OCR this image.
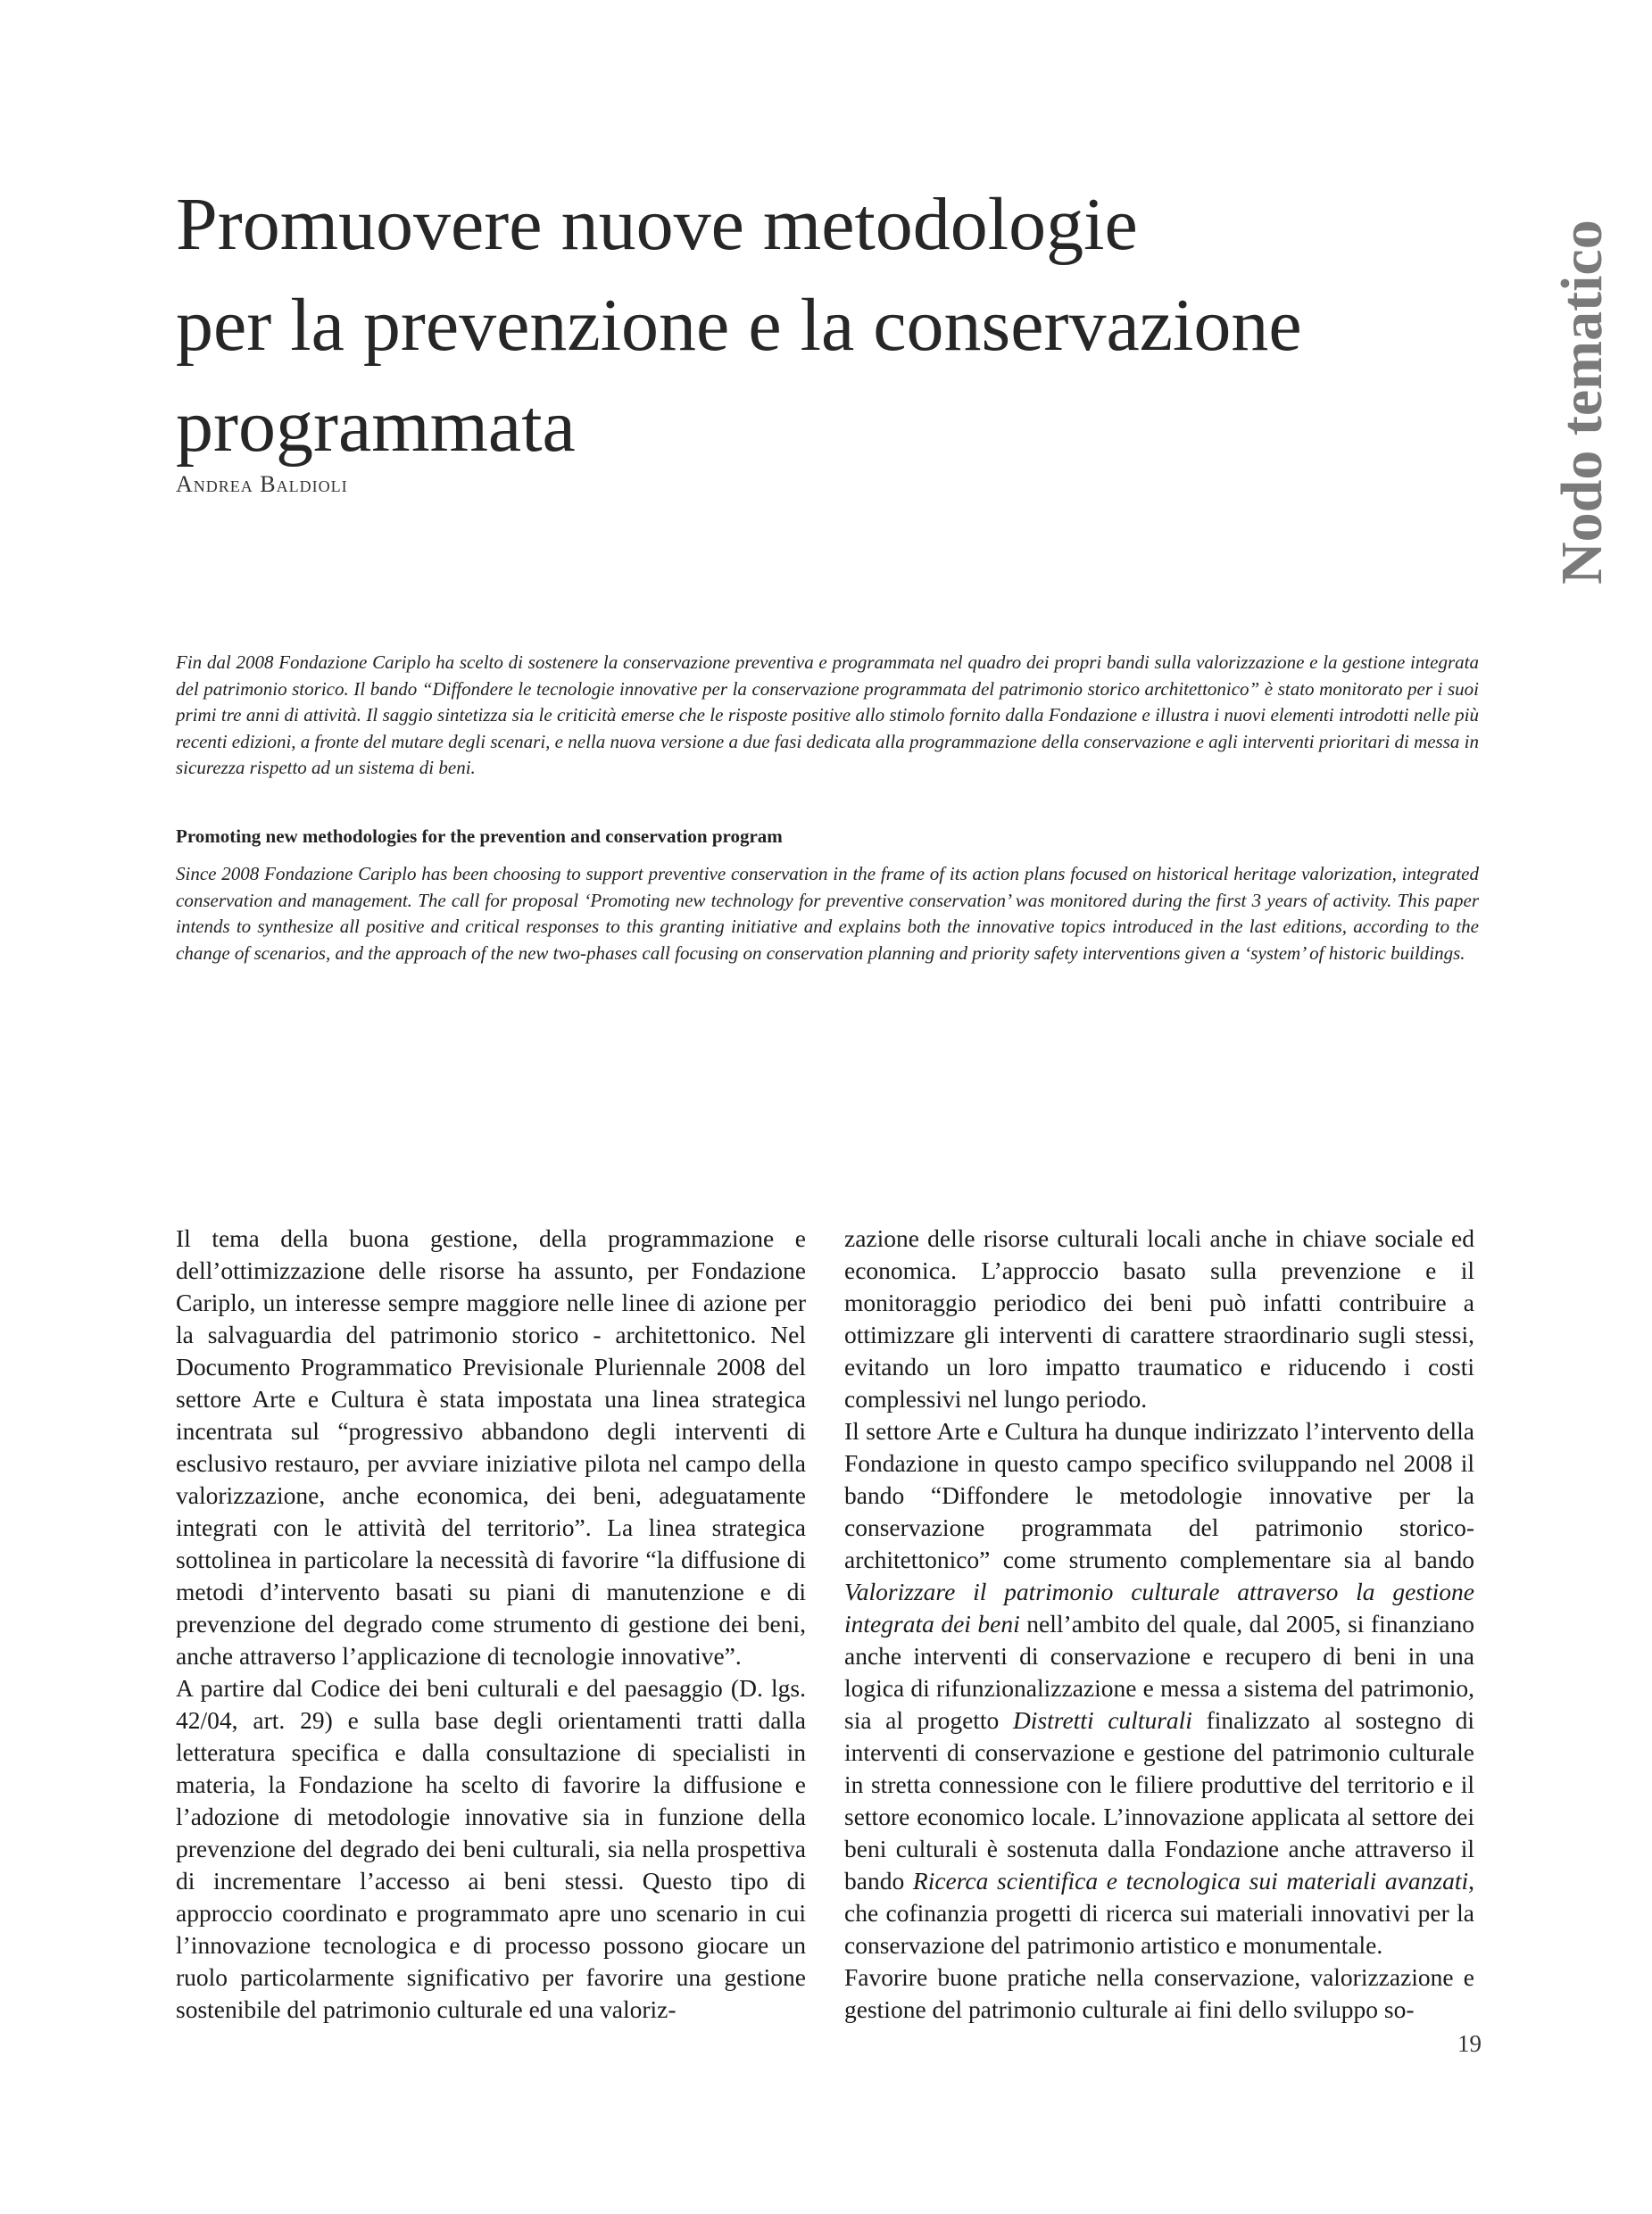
Promuovere nuove metodologie
per la prevenzione e la conservazione
programmata
Andrea Baldioli	Nodo tematico

Fin dal 2008 Fondazione Cariplo ha scelto di sostenere la conservazione preventiva e programmata nel quadro dei propri bandi sulla valorizzazione e la gestione integrata del patrimonio storico. Il bando “Diffondere le tecnologie innovative per la conservazione programmata del patrimonio storico architettonico” è stato monitorato per i suoi primi tre anni di attività. Il saggio sintetizza sia le criticità emerse che le risposte positive allo stimolo fornito dalla Fondazione e illustra i nuovi elementi introdotti nelle più recenti edizioni, a fronte del mutare degli scenari, e nella nuova versione a due fasi dedicata alla programmazione della conservazione e agli interventi prioritari di messa in sicurezza rispetto ad un sistema di beni.

Promoting new methodologies for the prevention and conservation program

Since 2008 Fondazione Cariplo has been choosing to support preventive conservation in the frame of its action plans focused on historical heritage valorization, integrated conservation and management. The call for proposal ‘Promoting new technology for preventive conservation’ was monitored during the first 3 years of activity. This paper intends to synthesize all positive and critical responses to this granting initiative and explains both the innovative topics introduced in the last editions, according to the change of scenarios, and the approach of the new two-phases call focusing on conservation planning and priority safety interventions given a ‘system’ of historic buildings.

Il tema della buona gestione, della programmazione e dell’ottimizzazione delle risorse ha assunto, per Fondazione Cariplo, un interesse sempre maggiore nelle linee di azione per la salvaguardia del patrimonio storico - architettonico. Nel Documento Programmatico Previsionale Pluriennale 2008 del settore Arte e Cultura è stata impostata una linea strategica incentrata sul “progressivo abbandono degli interventi di esclusivo restauro, per avviare iniziative pilota nel campo della valorizzazione, anche economica, dei beni, adeguatamente integrati con le attività del territorio”. La linea strategica sottolinea in particolare la necessità di favorire “la diffusione di metodi d’intervento basati su piani di manutenzione e di prevenzione del degrado come strumento di gestione dei beni, anche attraverso l’applicazione di tecnologie innovative”.

A partire dal Codice dei beni culturali e del paesaggio (D. lgs. 42/04, art. 29) e sulla base degli orientamenti tratti dalla letteratura specifica e dalla consultazione di specialisti in materia, la Fondazione ha scelto di favorire la diffusione e l’adozione di metodologie innovative sia in funzione della prevenzione del degrado dei beni culturali, sia nella prospettiva di incrementare l’accesso ai beni stessi. Questo tipo di approccio coordinato e programmato apre uno scenario in cui l’innovazione tecnologica e di processo possono giocare un ruolo particolarmente significativo per favorire una gestione sostenibile del patrimonio culturale ed una valoriz-

zazione delle risorse culturali locali anche in chiave sociale ed economica. L’approccio basato sulla prevenzione e il monitoraggio periodico dei beni può infatti contribuire a ottimizzare gli interventi di carattere straordinario sugli stessi, evitando un loro impatto traumatico e riducendo i costi complessivi nel lungo periodo.

Il settore Arte e Cultura ha dunque indirizzato l’intervento della Fondazione in questo campo specifico sviluppando nel 2008 il bando “Diffondere le metodologie innovative per la conservazione programmata del patrimonio storico- architettonico” come strumento complementare sia al bando Valorizzare il patrimonio culturale attraverso la gestione integrata dei beni nell’ambito del quale, dal 2005, si finanziano anche interventi di conservazione e recupero di beni in una logica di rifunzionalizzazione e messa a sistema del patrimonio, sia al progetto Distretti culturali finalizzato al sostegno di interventi di conservazione e gestione del patrimonio culturale in stretta connessione con le filiere produttive del territorio e il settore economico locale. L’innovazione applicata al settore dei beni culturali è sostenuta dalla Fondazione anche attraverso il bando Ricerca scientifica e tecnologica sui materiali avanzati, che cofinanzia progetti di ricerca sui materiali innovativi per la conservazione del patrimonio artistico e monumentale.

Favorire buone pratiche nella conservazione, valorizzazione e gestione del patrimonio culturale ai fini dello sviluppo so-

19
